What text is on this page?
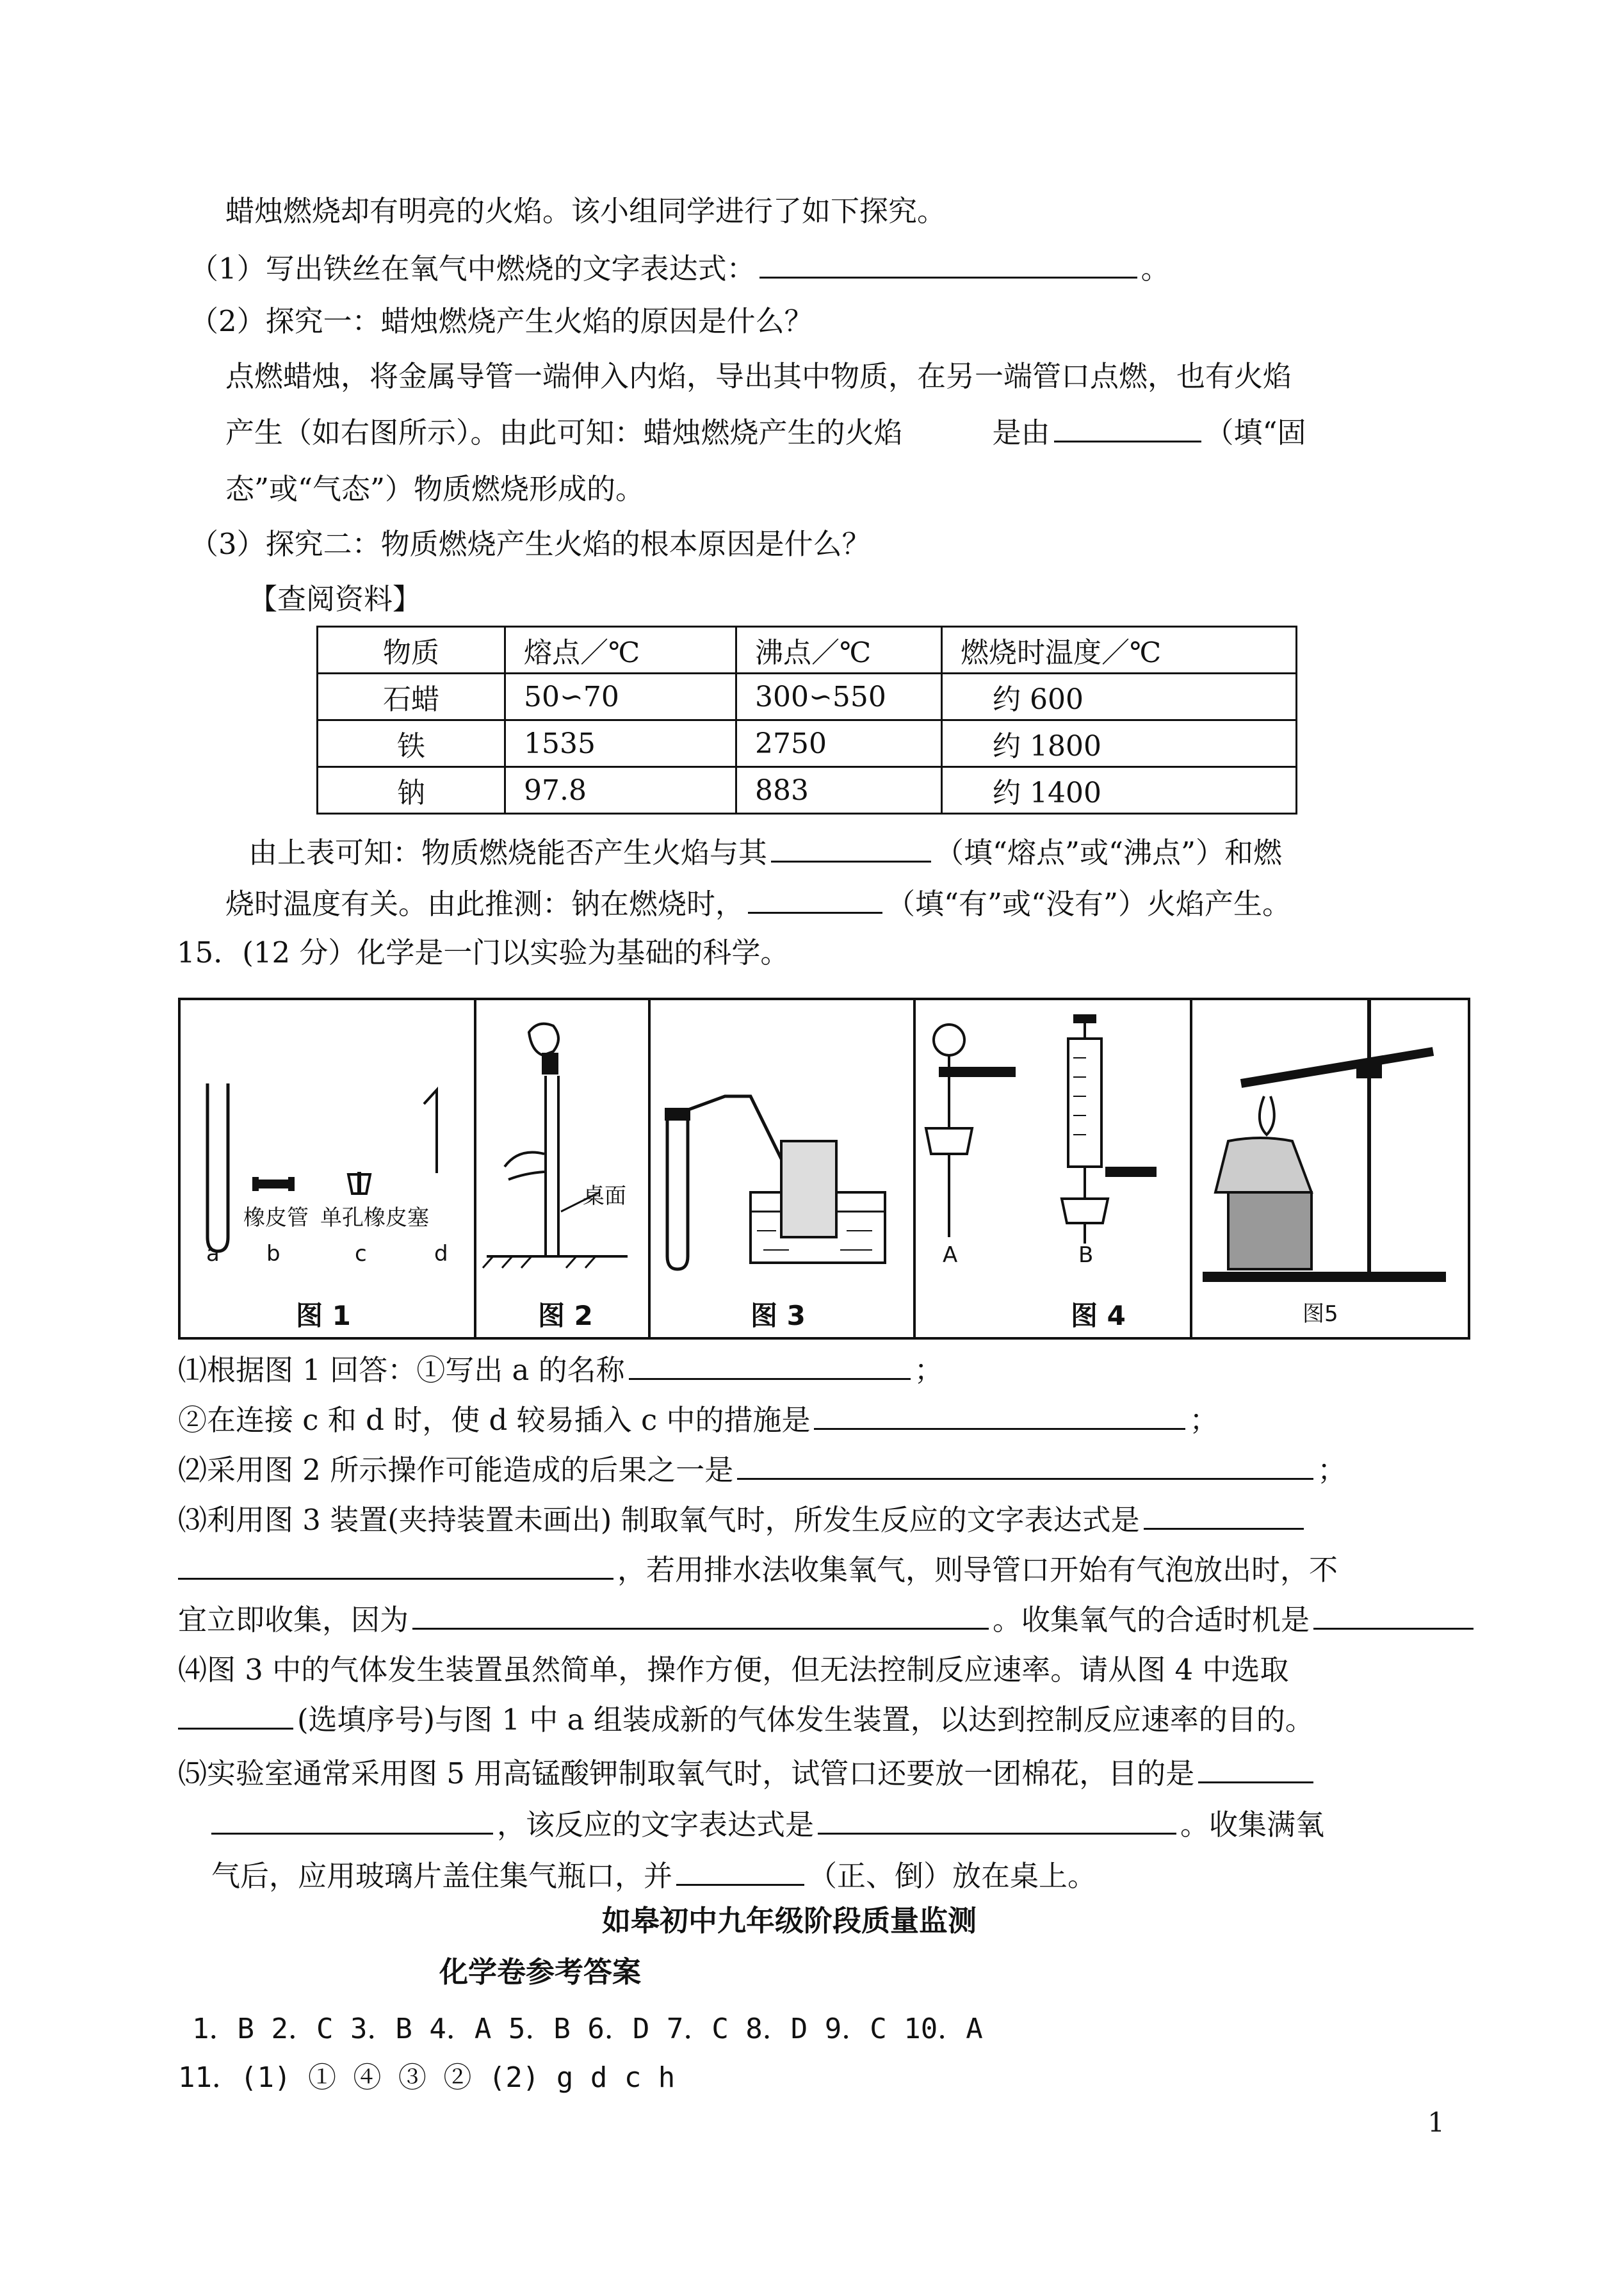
蜡烛燃烧却有明亮的火焰。该小组同学进行了如下探究。
（1）写出铁丝在氧气中燃烧的文字表达式：	。
（2）探究一：蜡烛燃烧产生火焰的原因是什么？
点燃蜡烛，将金属导管一端伸入内焰，导出其中物质，在另一端管口点燃，也有火焰
产生（如右图所示）。由此可知：蜡烛燃烧产生的火焰	是由	（填“固
态”或“气态”）物质燃烧形成的。
（3）探究二：物质燃烧产生火焰的根本原因是什么？
【查阅资料】
物质	熔点／℃	沸点／℃	燃烧时温度／℃
石蜡	50∽70	300∽550	约 600
铁	1535	2750	约 1800
钠	97.8	883	约 1400
由上表可知：物质燃烧能否产生火焰与其	（填“熔点”或“沸点”）和燃
烧时温度有关。由此推测：钠在燃烧时，	（填“有”或“没有”）火焰产生。
15．(12 分）化学是一门以实验为基础的科学。
橡皮管 单孔橡皮塞
a b	c	d
图 1
桌面
图 2	图 3
A	B
图 4	图5
⑴根据图 1 回答：①写出 a 的名称	；
②在连接 c 和 d 时，使 d 较易插入 c 中的措施是	；
⑵采用图 2 所示操作可能造成的后果之一是	；
⑶利用图 3 装置(夹持装置未画出) 制取氧气时，所发生反应的文字表达式是
，若用排水法收集氧气，则导管口开始有气泡放出时，不
宜立即收集，因为	。收集氧气的合适时机是
⑷图 3 中的气体发生装置虽然简单，操作方便，但无法控制反应速率。请从图 4 中选取
(选填序号)与图 1 中 a 组装成新的气体发生装置，以达到控制反应速率的目的。
⑸实验室通常采用图 5 用高锰酸钾制取氧气时，试管口还要放一团棉花，目的是
，该反应的文字表达式是	。收集满氧
气后，应用玻璃片盖住集气瓶口，并	（正、倒）放在桌上。
如皋初中九年级阶段质量监测
化学卷参考答案
1．B 2．C 3．B 4．A 5．B 6．D 7．C 8．D 9．C 10．A
11．(1) ① ④ ③ ② (2) g d c h
1
